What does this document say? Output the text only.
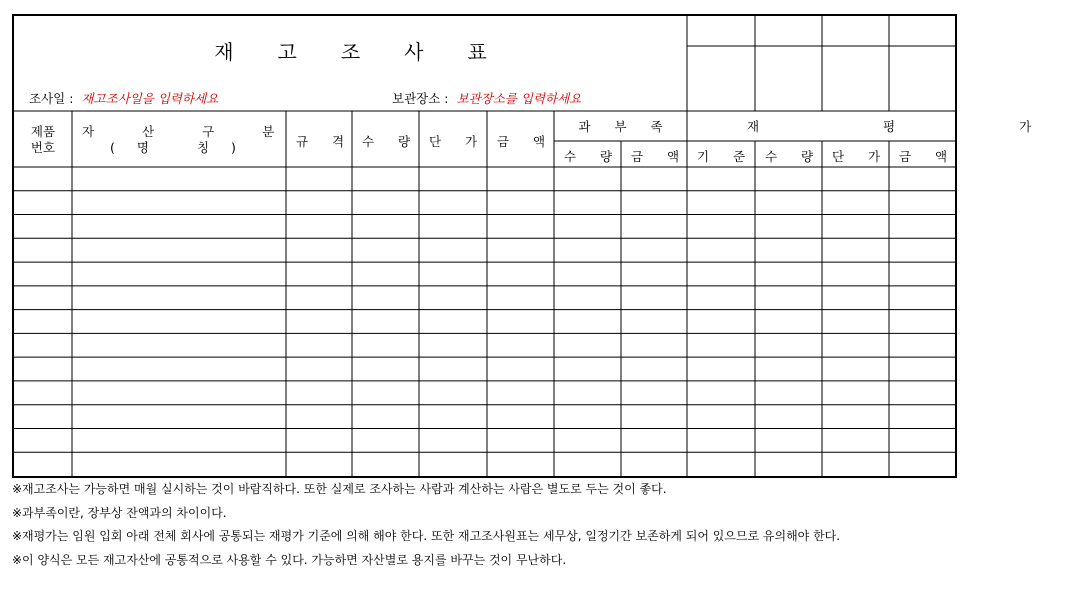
재고조사표
조사일 : 재고조사일을 입력하세요	보관장소 : 보관장소를 입력하세요
제품
번호
자 산 구 분
(명 칭)	규 격 수 량 단 가 금 액
과 부 족
수 량 금 액
재 평 가
기 준 수 량 단 가 금 액
※재고조사는 가능하면 매월 실시하는 것이 바람직하다. 또한 실제로 조사하는 사람과 계산하는 사람은 별도로 두는 것이 좋다.
※과부족이란, 장부상 잔액과의 차이이다.
※재평가는 임원 입회 아래 전체 회사에 공통되는 재평가 기준에 의해 해야 한다. 또한 재고조사원표는 세무상, 일정기간 보존하게 되어 있으므로 유의해야 한다.
※이 양식은 모든 재고자산에 공통적으로 사용할 수 있다. 가능하면 자산별로 용지를 바꾸는 것이 무난하다.
